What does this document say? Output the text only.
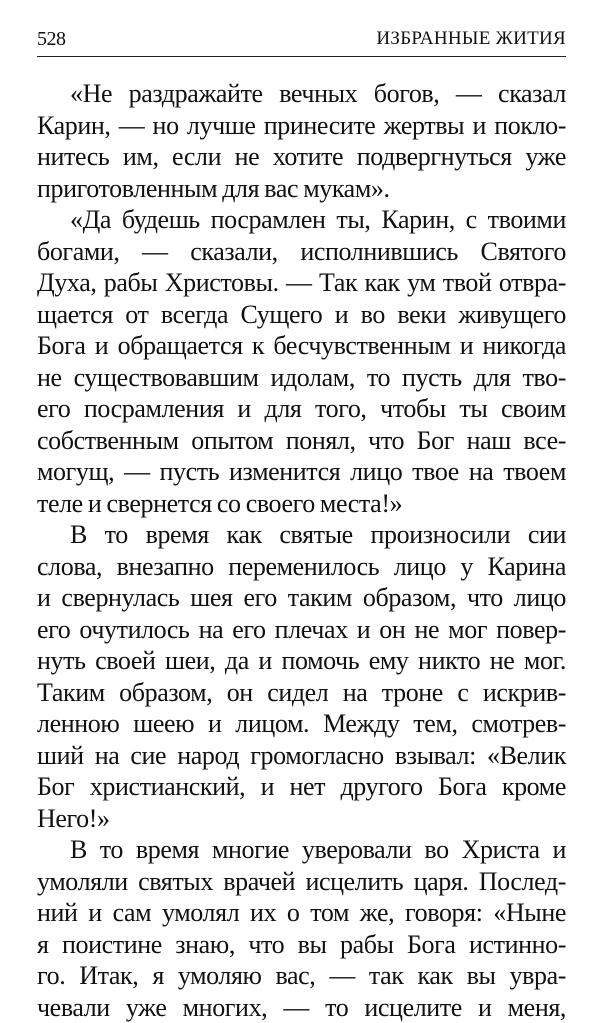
528	ИЗБРАННЫЕ ЖИТИЯ
«Не раздражайте вечных богов, — сказал
Карин, — но лучше принесите жертвы и покло-
нитесь им, если не хотите подвергнуться уже
приготовленным для вас мукам».
«Да будешь посрамлен ты, Карин, с твоими
богами, — сказали, исполнившись Святого
Духа, рабы Христовы. — Так как ум твой отвра-
щается от всегда Сущего и во веки живущего
Бога и обращается к бесчувственным и никогда
не существовавшим идолам, то пусть для тво-
его посрамления и для того, чтобы ты своим
собственным опытом понял, что Бог наш все-
могущ, — пусть изменится лицо твое на твоем
теле и свернется со своего места!»
В то время как святые произносили сии
слова, внезапно переменилось лицо у Карина
и свернулась шея его таким образом, что лицо
его очутилось на его плечах и он не мог повер-
нуть своей шеи, да и помочь ему никто не мог.
Таким образом, он сидел на троне с искрив-
ленною шеею и лицом. Между тем, смотрев-
ший на сие народ громогласно взывал: «Велик
Бог христианский, и нет другого Бога кроме
Него!»
В то время многие уверовали во Христа и
умоляли святых врачей исцелить царя. Послед-
ний и сам умолял их о том же, говоря: «Ныне
я поистине знаю, что вы рабы Бога истинно-
го. Итак, я умоляю вас, — так как вы увра-
чевали уже многих, — то исцелите и меня,
